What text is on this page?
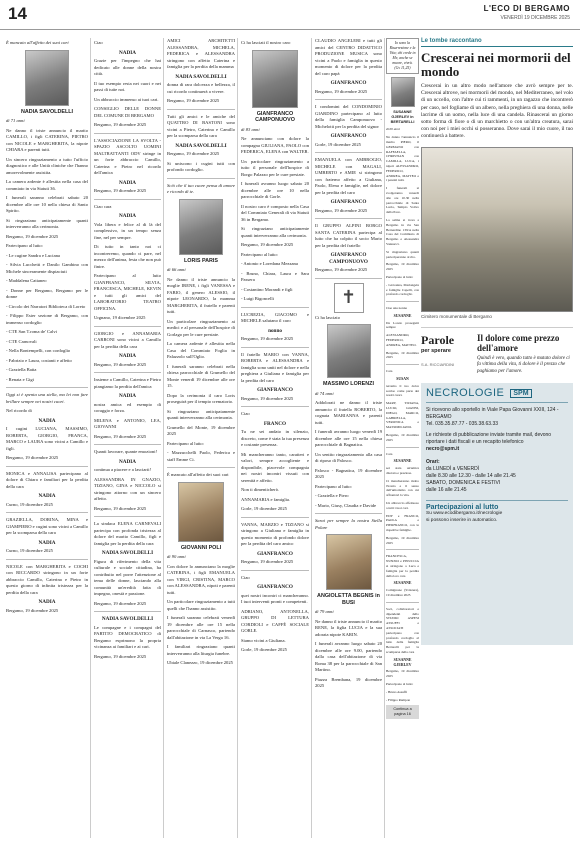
14	L'ECO DI BERGAMO
VENERDÌ 19 DICEMBRE 2025

È mancato all'affetto dei suoi cari

NADIA SAVOLDELLI

di 71 anni

Ne danno il triste annuncio il marito CAMILLO, i figli CATERINA, PIETRO con NICOLE e MARGHERITA, la nipote CHIARA e parenti tutti.

Un sincero ringraziamento a tutto l'ufficio diagnostico e alle Unità cliniche che l'hanno amorevolmente assistita.

La camera ardente è allestita nella casa del commiato in via Statuti 36.

I funerali saranno celebrati sabato 20 dicembre alle ore 10 nella chiesa di Santo Spirito.

Si ringraziano anticipatamente quanti interverranno alla cerimonia.

Bergamo, 19 dicembre 2025

Partecipano al lutto:

- Le cugine Sandra e Luciana

- Silvia Lucchetti e Danilo Gambino con Michele sinceramente dispiaciuti

- Maddalena Cattaneo

- Donne per Bergamo, Bergamo per le donne

- Circolo dei Narratori Biblioteca di Loreto

- Filippo Ester sezione di Bergamo, con immenso cordoglio

- CTE San T.roma de' Calvi

- CTE Carnovali

- Nella Bontempelli, con cordoglio

- Fabrizio e Laura, costanti e affetto

- Graziella Batta

- Renata e Gigi

Oggi si è spenta una stella, ma lei non fare brillare sempre nei nostri cuori.

Nel ricordo di

NADIA

I cugini LUCIANA, MASSIMO, ROBERTA, GIORGIO, FRANCA, MARCO e LAURA sono vicini a Camillo e figli.

Bergamo, 19 dicembre 2025

MONICA e ANNALISA partecipano al dolore di Chiara e familiari per la perdita della cara

NADIA

Curno, 19 dicembre 2025

GRAZIELLA, DORINA, MINA e GIAMPIERO e cugini sono vicini a Camillo per la scomparsa della cara

NADIA

Curno, 19 dicembre 2025

NICOLE con MARGHERITA e COCHI con RICCARDO stringono in un forte abbraccio Camillo, Caterina e Pietro in questo giorno di infinita tristezza per la perdita della cara

NADIA

Bergamo, 19 dicembre 2025

Ciao

NADIA

Grazie per l'impegno che hai dedicato alle donne della nostra città.

Il tuo esempio resta nei cuori e nei passi di tutte noi.

Un abbraccio immenso ai tuoi cari.

CONSIGLIO DELLE DONNE DEL COMUNE DI BERGAMO

Bergamo, 19 dicembre 2025

L'ASSOCIAZIONE LA SVOLTA - SPAZIO ASCOLTO UOMINI MALTRATTANTI ODV stringe in un forte abbraccio Camillo, Caterina e Pietro nel ricordo dell'amica

NADIA

Bergamo, 19 dicembre 2025

Ciao cara

NADIA

Vola libera e felice al di là del complessivo, in un tempo senza fine, nel per sempre.

Di tutto in tanto noi ci incontreremo, quando ci pare, nel mezzo dell'anima, festa che non può finire.

Partecipano al lutto GIANFRANCO, SILVIA, FRANCESCA, MICHELE, KEVIN e tutti gli amici del LABORATORIO TEATRO OFFICINA.

Urgnano, 19 dicembre 2025

GIORGIO e ANNAMARIA CARRONI sono vicini a Camillo per la perdita della cara

NADIA

Bergamo, 19 dicembre 2025

Insieme a Camillo, Caterina e Pietro piangiamo la perdita dell'amica

NADIA

nostra amica ed esempio di coraggio e forza.

MILENA e ANTONIO, LEA, GIOVANNI

Bergamo, 19 dicembre 2025

Quanti lavorare, quante emozioni!

NADIA

continua a piacere e a lasciarti!

ALESSANDRA IN GNAZIO, TIZIANO, GINA e NICCOLO si stringono attorno con un sincero affetto.

Bergamo, 19 dicembre 2025

La sindaca ELENA CARNEVALI partecipa con profonda tristezza al dolore del marito Camillo, figli e famiglia per la perdita della cara

NADIA SAVOLDELLI

Figura di riferimento della vita culturale e sociale cittadina, ha contribuito nel porre l'attenzione al tema delle donne, lasciando alla comunità un'eredità fatta di impegno, onestà e passione.

Bergamo, 19 dicembre 2025

NADIA SAVOLDELLI

Le compagne e i compagni del PARTITO DEMOCRATICO di Bergamo esprimono la propria vicinanza ai familiari e ai cari.

Bergamo, 19 dicembre 2025

AMICI ARCHITETTI ALESSANDRA, MICHELA, FEDERICA e ALESSANDRA stringono con affetto Caterina e famiglia per la perdita della mamma

NADIA SAVOLDELLI

donna di rara dolcezza e bellezza, il cui ricordo continuerà a vivere.

Bergamo, 19 dicembre 2025

Tutti gli amici e le amiche del QUATTRO DI BASTONI sono vicini a Pietro, Caterina e Camillo per la scomparsa della cara

NADIA SAVOLDELLI

Bergamo, 19 dicembre 2025

Si uniscono i cugini tutti con profondo cordoglio.

Sciò che il tuo cuore pensa di amore e ricordo di te.

LORIS PARIS

di 66 anni

Ne danno il triste annuncio la moglie IRENE, i figli VANESSA e FABIO, il genero ALESSIO, il nipote LEONARDO, la mamma MARGHERITA, il fratello e parenti tutti.

Un particolare ringraziamento ai medici e al personale dell'hospice di Gorlago per le cure prestate.

La camera ardente è allestita nella Casa del Commiato Foglia in Palazzolo sull'Oglio.

I funerali saranno celebrati nella chiesa parrocchiale di Grumello del Monte venerdì 19 dicembre alle ore 15.

Dopo la cerimonia il caro Loris proseguirà per il tempio crematorio.

Si ringraziano anticipatamente quanti interverranno alla cerimonia.

Grumello del Monte, 19 dicembre 2025

Partecipano al lutto:

- Mazzucchelli Paolo, Federica e staff Emme Ci.

È mancato all'affetto dei suoi cari

GIOVANNI POLI

di 90 anni

Con dolore lo annunciano la moglie CATERINA, i figli EMANUELA con VIRGI, CRISTINA, MARCO con ALESSANDRA, nipoti e parenti tutti.

Un particolare ringraziamento a tutti quelli che l'hanno assistito.

I funerali saranno celebrati venerdì 19 dicembre alle ore 15 nella parrocchiale di Carnasco, partendo dall'abitazione in via La Verga 16.

I familiari ringraziano quanti interverranno alla liturgia funebre.

Ubiale Clanezzo, 19 dicembre 2025

Ci ha lasciati il nostro caro

GIANFRANCO CAMPONUOVO

di 83 anni

Ne annunciano con dolore la compagna GIULIANA, PAOLO con FEDERICA, ELENA con WALTER.

Un particolare ringraziamento a tutto il personale dell'hospice di Borgo Palazzo per le cure prestate.

I funerali avranno luogo sabato 20 dicembre alle ore 10 nella parrocchiale di Gorle.

Il nostro caro è composto nella Casa del Commiato Generali di via Statuti 36 in Bergamo.

Si ringraziano anticipatamente quanti interverranno alla cerimonia.

Bergamo, 19 dicembre 2025

Partecipano al lutto:

- Antonio e Loredana Mezzana

- Bruno, Chiara, Laura e Sara Passera

- Costantino Morandi e figli

- Luigi Bigoncelli

LUCREZIA, GIACOMO e MICHELE salutano il caro

nonno

Bergamo, 19 dicembre 2025

Il fratello MARIO con VANNA, ROBERTA e ALESSANDRA e famiglia sono uniti nel dolore e nella preghiera a Giuliana e famiglia per la perdita del caro

GIANFRANCO

Bergamo, 19 dicembre 2025

Ciao

FRANCO

Tu ne sei andato in silenzio, discreto, come è stata la tua presenza e costante presenza.

Mi mancheranno tanto, caratteri e valori, sempre accogliente e disponibile, piacevole compagnia nei nostri incontri vissuti con serenità e affetto.

Non ti dimenticherò.

ANNAMARIA e famiglia.

Gorle, 19 dicembre 2025

VANNA, MARZIO e TIZIANO si stringono a Giuliana e famiglia in questo momento di profondo dolore per la perdita del caro amico

GIANFRANCO

Bergamo, 19 dicembre 2025

Ciao

GIANFRANCO

quei nostri incontri ci mancheranno. I tuoi interventi pronti e competenti.

ADRIANO, ANTONELLA, GRUPPO DI LETTURA CORDIOLI e CAFFÈ SOCIALE GORLE.

Siamo vicini a Giuliana.

Gorle, 19 dicembre 2025

CLAUDIO ANGELERI e tutti gli amici del CENTRO DIDATTICO PRODUZIONE MUSICA sono vicini a Paolo e famiglia in questo momento di dolore per la perdita del caro papà

GIANFRANCO

Bergamo, 19 dicembre 2025

I condomini del CONDOMINIO GIARDINO partecipano al lutto della famiglia Camponuovo - Michelotti per la perdita del signor

GIANFRANCO

Gorle, 19 dicembre 2025

EMANUELA con AMBROGIO, MICHELE con MAGALI, UMBERTO e AMIE si stringono con fraterno affetto a Giuliana, Paolo, Elena e famiglie, nel dolore per la perdita del caro

GIANFRANCO

Bergamo, 19 dicembre 2025

Il GRUPPO ALPINI BORGO SANTA CATERINA partecipa al lutto che ha colpito il socio Mario per la perdita del fratello

GIANFRANCO CAMPONUOVO

Bergamo, 19 dicembre 2025

✝

Ci ha lasciato

MASSIMO LORENZI

di 74 anni

Addolorati ne danno il triste annuncio il fratello ROBERTO, la cognata MARIANNA e parenti tutti.

I funerali avranno luogo venerdì 19 dicembre alle ore 15 nella chiesa parrocchiale di Bagnatica.

Un sentito ringraziamento alla casa di riposo di Palosco.

Palosco - Bagnatica, 19 dicembre 2025

Partecipano al lutto:

- Graziella e Piero

- Mario, Giusy, Claudia e Davide

Sarai per sempre la nostra Stella Polare

ANGIOLETTA BEGNIS in BUSI

di 79 anni

Ne danno il triste annuncio il marito RENE, la figlia LUCIA e la sua adorata nipote KARIN.

I funerali avranno luogo sabato 20 dicembre alle ore 9.00, partendo dalla casa dell'abitazione di via Roma 38 per la parrocchiale di San Martino.

Piazza Brembana, 19 dicembre 2025

Le tombe raccontano
Crescerai nei mormorii del mondo

Crescerai in un altro modo nell'amore che avrò sempre per te. Crescerai altrove, nei mormorii del mondo, nel Mediterraneo, nel volo di un uccello, con l'altre cui ti rammenti, in un ragazzo che incontrerò per caso, nel fogliame di un albero, nella preghiera di una donna, nelle lacrime di un uomo, nella luce di una candela. Rinascerai un giorno sotto forma di fiore o di un marchietto o con un'altra creatura, sarai con noi per i miei occhi si posseranno. Dove sarai il mio cuore, il tuo continuerà a battere.

Cimitero monumentale di Bergamo
Parole
per sperare
S.A. RICCIARDINI
Il dolore come prezzo dell'amore
Quindi è vero, quando tutto è mutato dolore ci fa vittima della vita, ti dolore è il prezzo che paghiamo per l'amore.
NECROLOGIE	SPM

Si ricevono allo sportello in Viale Papa Giovanni XXIII, 124 - BERGAMO

Tel. 035.35.87.77 - 035.38.63.33

Le richieste di pubblicazione inviate tramite mail, devono riportare i dati fiscali e un recapito telefonico

necro@spm.it

Orari:

da LUNEDÌ a VENERDÌ

dalle 8.30 alle 12.30 - dalle 14 alle 21.45

SABATO, DOMENICA E FESTIVI

dalle 16 alle 21.45

Partecipazioni al lutto
Su www.ecodibergamo.it/necrologie
si possono inserire in automatico.
Io sono la Risurrezione e la Vita; chi crede in Me, anche se muore, vivrà.
(Gv 11,25)
SUSANNE GJERLEV in BERTARELLI

di 60 anni

Ne danno l'annuncio il marito PIERO, il GERMANO con RAFFAELLA, CHRISTIAN con CAMILLA, LUCA, i nipoti ALESSANDRO, FEDERICO, ANDREA, MATTEO e i parenti tutti.

I funerali si svolgeranno venerdì alle ore 10.30 nella parrocchiale di Santa Lucia, Tempio Votivo della Pace.

La salma si trova a Bergamo in via San Bernardino 139/A nella Casa del Commiato di Bergamo e Alessandra Vannucci.

Si ringraziano quanti parteciperanno al rito.

Bergamo, 19 dicembre 2025

Partecipano al lutto:

- Giovanna, Mariangela e famiglie Capelli, con profondo cordoglio

Cise una nonna

SUSANNE

Da Loreto proseguiti sempre

ALESSANDRO, FEDERICO, ANDREA, MATTEO.

Bergamo, 19 dicembre 2025

Cara

SUSAN

terremo il tuo dolce sorriso come parte dei nostri cuori.

MARY, TIZIANA, LUCIO, GIANNI, DIEGO, MARCO, GABRIELLA, VERONICA e MASSIMILIANO.

Bergamo, 19 dicembre 2025

Cara

SUSANNE

sei stata un'amica discreta e preziosa.

Ci mancheranno molto l'ironia e il senso dell'umorismo con cui affrontavi la vita.

Un abbraccio affettuoso a tutti i tuoi cari.

EDY e FRANCO, PAOLA e PIERFRANCO, con le rispettive famiglie.

Bergamo, 19 dicembre 2025

FRANCESCA, NUNZIO e PINUCCIA si stringono a Luca e famiglia per la perdita della loro cara

SUSANNE

Comignone (Svizzera), 19 dicembre 2025

Soci, collaboratori e dipendenti dello STUDIO ASPESI ASSUFFI e ASSOCIATI partecipano con profondo cordoglio al lutto della famiglia Bertarelli per la scomparsa della cara

SUSANNE GJERLEV

Bergamo, 19 dicembre 2025

Partecipano al lutto:

- Bruno Assuffi

- Filippo Rampon

Continua a pagina 16
